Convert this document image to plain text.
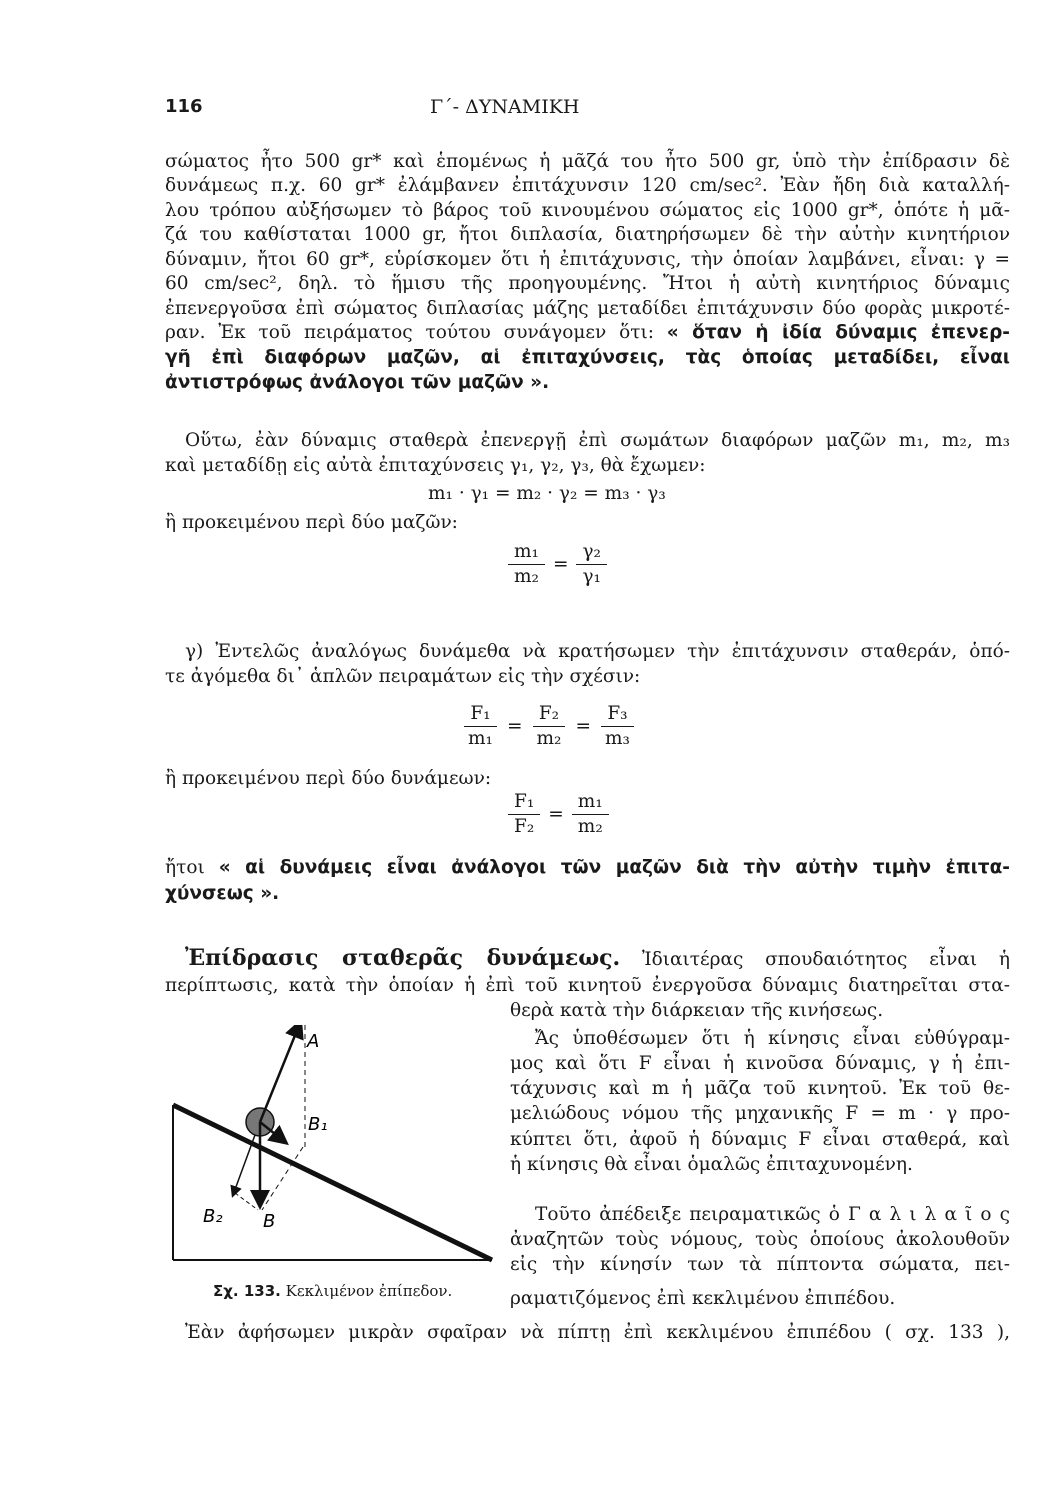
116	Γ΄- ΔΥΝΑΜΙΚΗ
σώματος ἦτο 500 gr* καὶ ἑπομένως ἡ μᾶζά του ἦτο 500 gr, ὑπὸ τὴν ἐπίδρασιν δὲ
δυνάμεως π.χ. 60 gr* ἐλάμβανεν ἐπιτάχυνσιν 120 cm/sec². Ἐὰν ἤδη διὰ καταλλή-
λου τρόπου αὐξήσωμεν τὸ βάρος τοῦ κινουμένου σώματος εἰς 1000 gr*, ὁπότε ἡ μᾶ-
ζά του καθίσταται 1000 gr, ἤτοι διπλασία, διατηρήσωμεν δὲ τὴν αὐτὴν κινητήριον
δύναμιν, ἤτοι 60 gr*, εὑρίσκομεν ὅτι ἡ ἐπιτάχυνσις, τὴν ὁποίαν λαμβάνει, εἶναι: γ =
60 cm/sec², δηλ. τὸ ἥμισυ τῆς προηγουμένης. Ἤτοι ἡ αὐτὴ κινητήριος δύναμις
ἐπενεργοῦσα ἐπὶ σώματος διπλασίας μάζης μεταδίδει ἐπιτάχυνσιν δύο φορὰς μικροτέ-
ραν. Ἐκ τοῦ πειράματος τούτου συνάγομεν ὅτι: « ὅταν ἡ ἰδία δύναμις ἐπενερ-
γῆ ἐπὶ διαφόρων μαζῶν, αἱ ἐπιταχύνσεις, τὰς ὁποίας μεταδίδει, εἶναι
ἀντιστρόφως ἀνάλογοι τῶν μαζῶν ».
Οὕτω, ἐὰν δύναμις σταθερὰ ἐπενεργῇ ἐπὶ σωμάτων διαφόρων μαζῶν m₁, m₂, m₃
καὶ μεταδίδῃ εἰς αὐτὰ ἐπιταχύνσεις γ₁, γ₂, γ₃, θὰ ἔχωμεν:
m₁ · γ₁ = m₂ · γ₂ = m₃ · γ₃
ἢ προκειμένου περὶ δύο μαζῶν:
$\frac{\text{m₁}}{\text{m₂}} = \frac{\text{γ₂}}{\text{γ₁}}$
γ) Ἐντελῶς ἀναλόγως δυνάμεθα νὰ κρατήσωμεν τὴν ἐπιτάχυνσιν σταθεράν, ὁπό-
τε ἀγόμεθα δι᾽ ἁπλῶν πειραμάτων εἰς τὴν σχέσιν:
$\frac{\text{F₁}}{\text{m₁}} = \frac{\text{F₂}}{\text{m₂}} = \frac{\text{F₃}}{\text{m₃}}$
ἢ προκειμένου περὶ δύο δυνάμεων:
$\frac{\text{F₁}}{\text{F₂}} = \frac{\text{m₁}}{\text{m₂}}$
ἤτοι « αἱ δυνάμεις εἶναι ἀνάλογοι τῶν μαζῶν διὰ τὴν αὐτὴν τιμὴν ἐπιτα-
χύνσεως ».
Ἐπίδρασις σταθερᾶς δυνάμεως. Ἰδιαιτέρας σπουδαιότητος εἶναι ἡ
περίπτωσις, κατὰ τὴν ὁποίαν ἡ ἐπὶ τοῦ κινητοῦ ἐνεργοῦσα δύναμις διατηρεῖται στα-
θερὰ κατὰ τὴν διάρκειαν τῆς κινήσεως.
Ἄς ὑποθέσωμεν ὅτι ἡ κίνησις εἶναι εὐθύγραμ-
μος καὶ ὅτι F εἶναι ἡ κινοῦσα δύναμις, γ ἡ ἐπι-
τάχυνσις καὶ m ἡ μᾶζα τοῦ κινητοῦ. Ἐκ τοῦ θε-
μελιώδους νόμου τῆς μηχανικῆς F = m · γ προ-
κύπτει ὅτι, ἀφοῦ ἡ δύναμις F εἶναι σταθερά, καὶ
ἡ κίνησις θὰ εἶναι ὁμαλῶς ἐπιταχυνομένη.
Τοῦτο ἀπέδειξε πειραματικῶς ὁ Γ α λ ι λ α ῖ ο ς
ἀναζητῶν τοὺς νόμους, τοὺς ὁποίους ἀκολουθοῦν
εἰς τὴν κίνησίν των τὰ πίπτοντα σώματα, πει-
ραματιζόμενος ἐπὶ κεκλιμένου ἐπιπέδου.
Ἐὰν ἀφήσωμεν μικρὰν σφαῖραν νὰ πίπτῃ ἐπὶ κεκλιμένου ἐπιπέδου ( σχ. 133 ),
A
B₁
B₂ B
Σχ. 133. Κεκλιμένον ἐπίπεδον.
